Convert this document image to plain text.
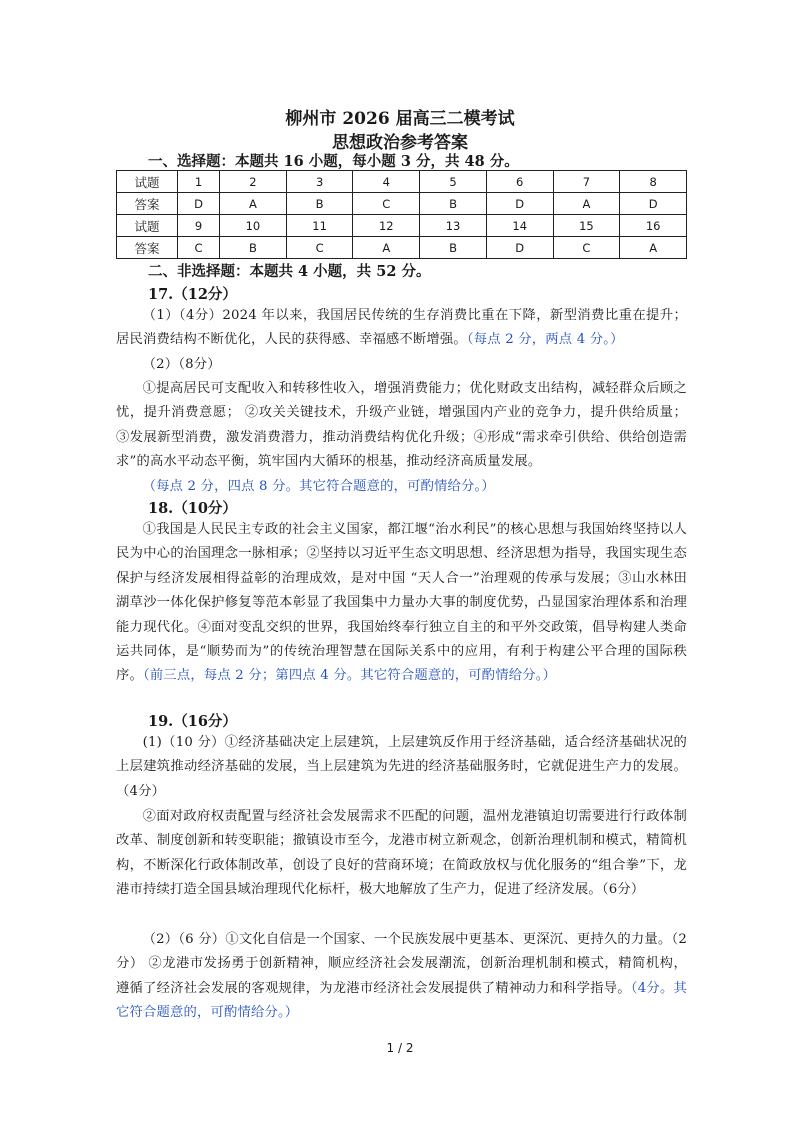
柳州市 2026 届高三二模考试
思想政治参考答案
一、选择题：本题共 16 小题，每小题 3 分，共 48 分。
试题	1	2	3	4	5	6	7	8
答案	D	A	B	C	B	D	A	D
试题	9	10	11	12	13	14	15	16
答案	C	B	C	A	B	D	C	A
二、非选择题：本题共 4 小题，共 52 分。
17.（12分）
（1）（4分）2024 年以来，我国居民传统的生存消费比重在下降，新型消费比重在提升；居民消费结构不断优化，人民的获得感、幸福感不断增强。（每点 2 分，两点 4 分。）
（2）（8分）
①提高居民可支配收入和转移性收入，增强消费能力；优化财政支出结构，减轻群众后顾之忧，提升消费意愿； ②攻关关键技术，升级产业链，增强国内产业的竞争力，提升供给质量； ③发展新型消费，激发消费潜力，推动消费结构优化升级；④形成“需求牵引供给、供给创造需求”的高水平动态平衡，筑牢国内大循环的根基，推动经济高质量发展。
（每点 2 分，四点 8 分。其它符合题意的，可酌情给分。）
18.（10分）
①我国是人民民主专政的社会主义国家，都江堰“治水利民”的核心思想与我国始终坚持以人民为中心的治国理念一脉相承；②坚持以习近平生态文明思想、经济思想为指导，我国实现生态保护与经济发展相得益彰的治理成效，是对中国 “天人合一”治理观的传承与发展；③山水林田湖草沙一体化保护修复等范本彰显了我国集中力量办大事的制度优势，凸显国家治理体系和治理能力现代化。④面对变乱交织的世界，我国始终奉行独立自主的和平外交政策，倡导构建人类命运共同体，是“顺势而为”的传统治理智慧在国际关系中的应用，有利于构建公平合理的国际秩序。（前三点，每点 2 分；第四点 4 分。其它符合题意的，可酌情给分。）
19.（16分）
(1)（10 分）①经济基础决定上层建筑，上层建筑反作用于经济基础，适合经济基础状况的上层建筑推动经济基础的发展，当上层建筑为先进的经济基础服务时，它就促进生产力的发展。（4分）
②面对政府权责配置与经济社会发展需求不匹配的问题，温州龙港镇迫切需要进行行政体制改革、制度创新和转变职能；撤镇设市至今，龙港市树立新观念，创新治理机制和模式，精简机构，不断深化行政体制改革，创设了良好的营商环境；在简政放权与优化服务的“组合拳”下，龙港市持续打造全国县域治理现代化标杆，极大地解放了生产力，促进了经济发展。（6分）
（2）（6 分）①文化自信是一个国家、一个民族发展中更基本、更深沉、更持久的力量。（2分） ②龙港市发扬勇于创新精神，顺应经济社会发展潮流，创新治理机制和模式，精简机构，遵循了经济社会发展的客观规律，为龙港市经济社会发展提供了精神动力和科学指导。（4分。其它符合题意的，可酌情给分。）
1 / 2
